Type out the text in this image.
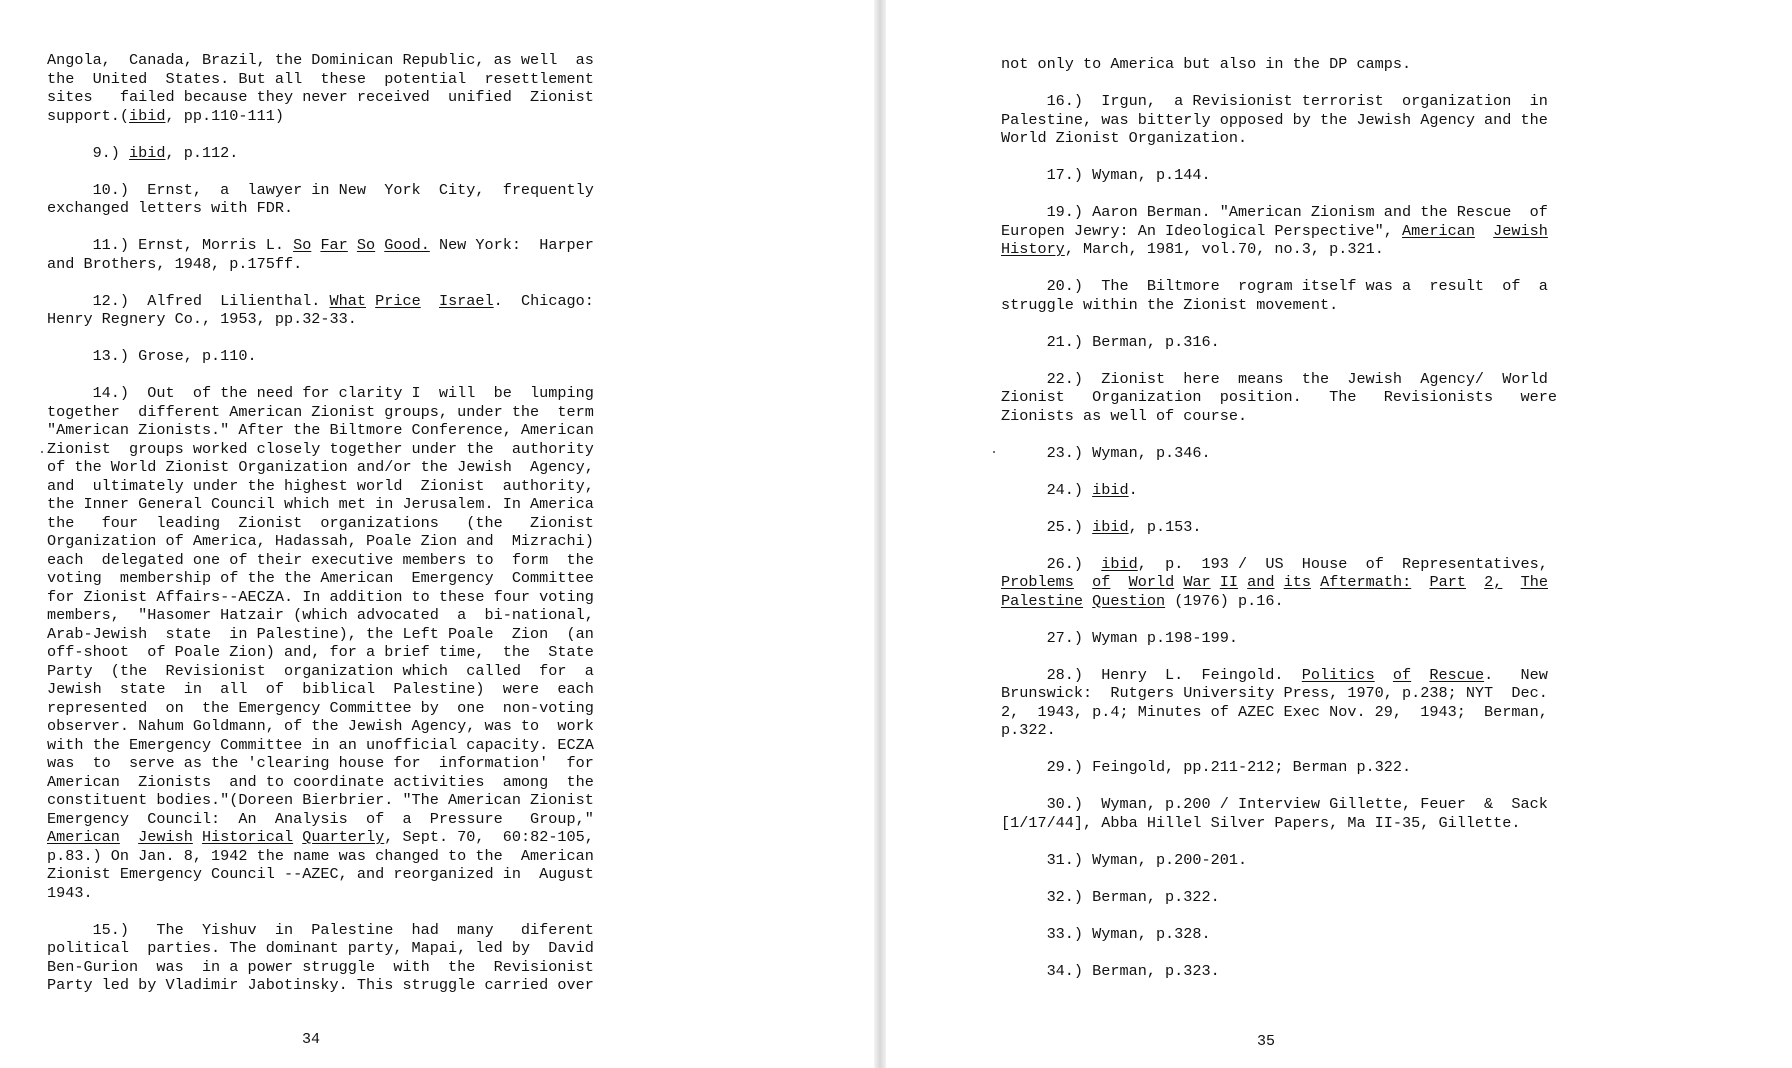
Angola,  Canada, Brazil, the Dominican Republic, as well  as
the  United  States. But all  these  potential  resettlement
sites   failed because they never received  unified  Zionist
support.(ibid, pp.110-111)
9.) ibid, p.112.
10.)  Ernst,  a  lawyer in New  York  City,  frequently
exchanged letters with FDR.
11.) Ernst, Morris L. So Far So Good. New York:  Harper
and Brothers, 1948, p.175ff.
12.)  Alfred  Lilienthal. What Price Israel.  Chicago:
Henry Regnery Co., 1953, pp.32-33.
13.) Grose, p.110.
14.)  Out  of the need for clarity I  will  be  lumping
together  different American Zionist groups, under the  term
"American Zionists." After the Biltmore Conference, American
Zionist  groups worked closely together under the  authority
of the World Zionist Organization and/or the Jewish  Agency,
and  ultimately under the highest world  Zionist  authority,
the Inner General Council which met in Jerusalem. In America
the   four  leading  Zionist  organizations   (the   Zionist
Organization of America, Hadassah, Poale Zion and  Mizrachi)
each  delegated one of their executive members to  form  the
voting  membership of the the American  Emergency  Committee
for Zionist Affairs--AECZA. In addition to these four voting
members,  "Hasomer Hatzair (which advocated  a  bi-national,
Arab-Jewish  state  in Palestine), the Left Poale  Zion  (an
off-shoot  of Poale Zion) and, for a brief time,  the  State
Party  (the  Revisionist  organization which  called  for  a
Jewish  state  in  all  of  biblical  Palestine)  were  each
represented  on  the Emergency Committee by  one  non-voting
observer. Nahum Goldmann, of the Jewish Agency, was to  work
with the Emergency Committee in an unofficial capacity. ECZA
was  to  serve as the 'clearing house for  information'  for
American  Zionists  and to coordinate activities  among  the
constituent bodies."(Doreen Bierbrier. "The American Zionist
Emergency  Council:  An  Analysis  of  a  Pressure   Group,"
American Jewish Historical Quarterly, Sept. 70,  60:82-105,
p.83.) On Jan. 8, 1942 the name was changed to the  American
Zionist Emergency Council --AZEC, and reorganized in  August
1943.
15.)   The  Yishuv  in  Palestine  had  many   diferent
political  parties. The dominant party, Mapai, led by  David
Ben-Gurion  was  in a power struggle  with  the  Revisionist
Party led by Vladimir Jabotinsky. This struggle carried over
34
not only to America but also in the DP camps.
16.)  Irgun,  a Revisionist terrorist  organization  in
Palestine, was bitterly opposed by the Jewish Agency and the
World Zionist Organization.
17.) Wyman, p.144.
19.) Aaron Berman. "American Zionism and the Rescue  of
Europen Jewry: An Ideological Perspective", American Jewish
History, March, 1981, vol.70, no.3, p.321.
20.)  The  Biltmore  rogram itself was a  result  of  a
struggle within the Zionist movement.
21.) Berman, p.316.
22.)  Zionist  here  means  the  Jewish  Agency/  World
Zionist   Organization  position.   The   Revisionists   were
Zionists as well of course.
23.) Wyman, p.346.
24.) ibid.
25.) ibid, p.153.
26.)  ibid,  p.  193 /  US  House  of  Representatives,
Problems of World War II and its Aftermath: Part 2, The
Palestine Question (1976) p.16.
27.) Wyman p.198-199.
28.)  Henry  L.  Feingold.  Politics of Rescue.   New
Brunswick:  Rutgers University Press, 1970, p.238; NYT  Dec.
2,  1943, p.4; Minutes of AZEC Exec Nov. 29,  1943;  Berman,
p.322.
29.) Feingold, pp.211-212; Berman p.322.
30.)  Wyman, p.200 / Interview Gillette, Feuer  &  Sack
[1/17/44], Abba Hillel Silver Papers, Ma II-35, Gillette.
31.) Wyman, p.200-201.
32.) Berman, p.322.
33.) Wyman, p.328.
34.) Berman, p.323.
35
